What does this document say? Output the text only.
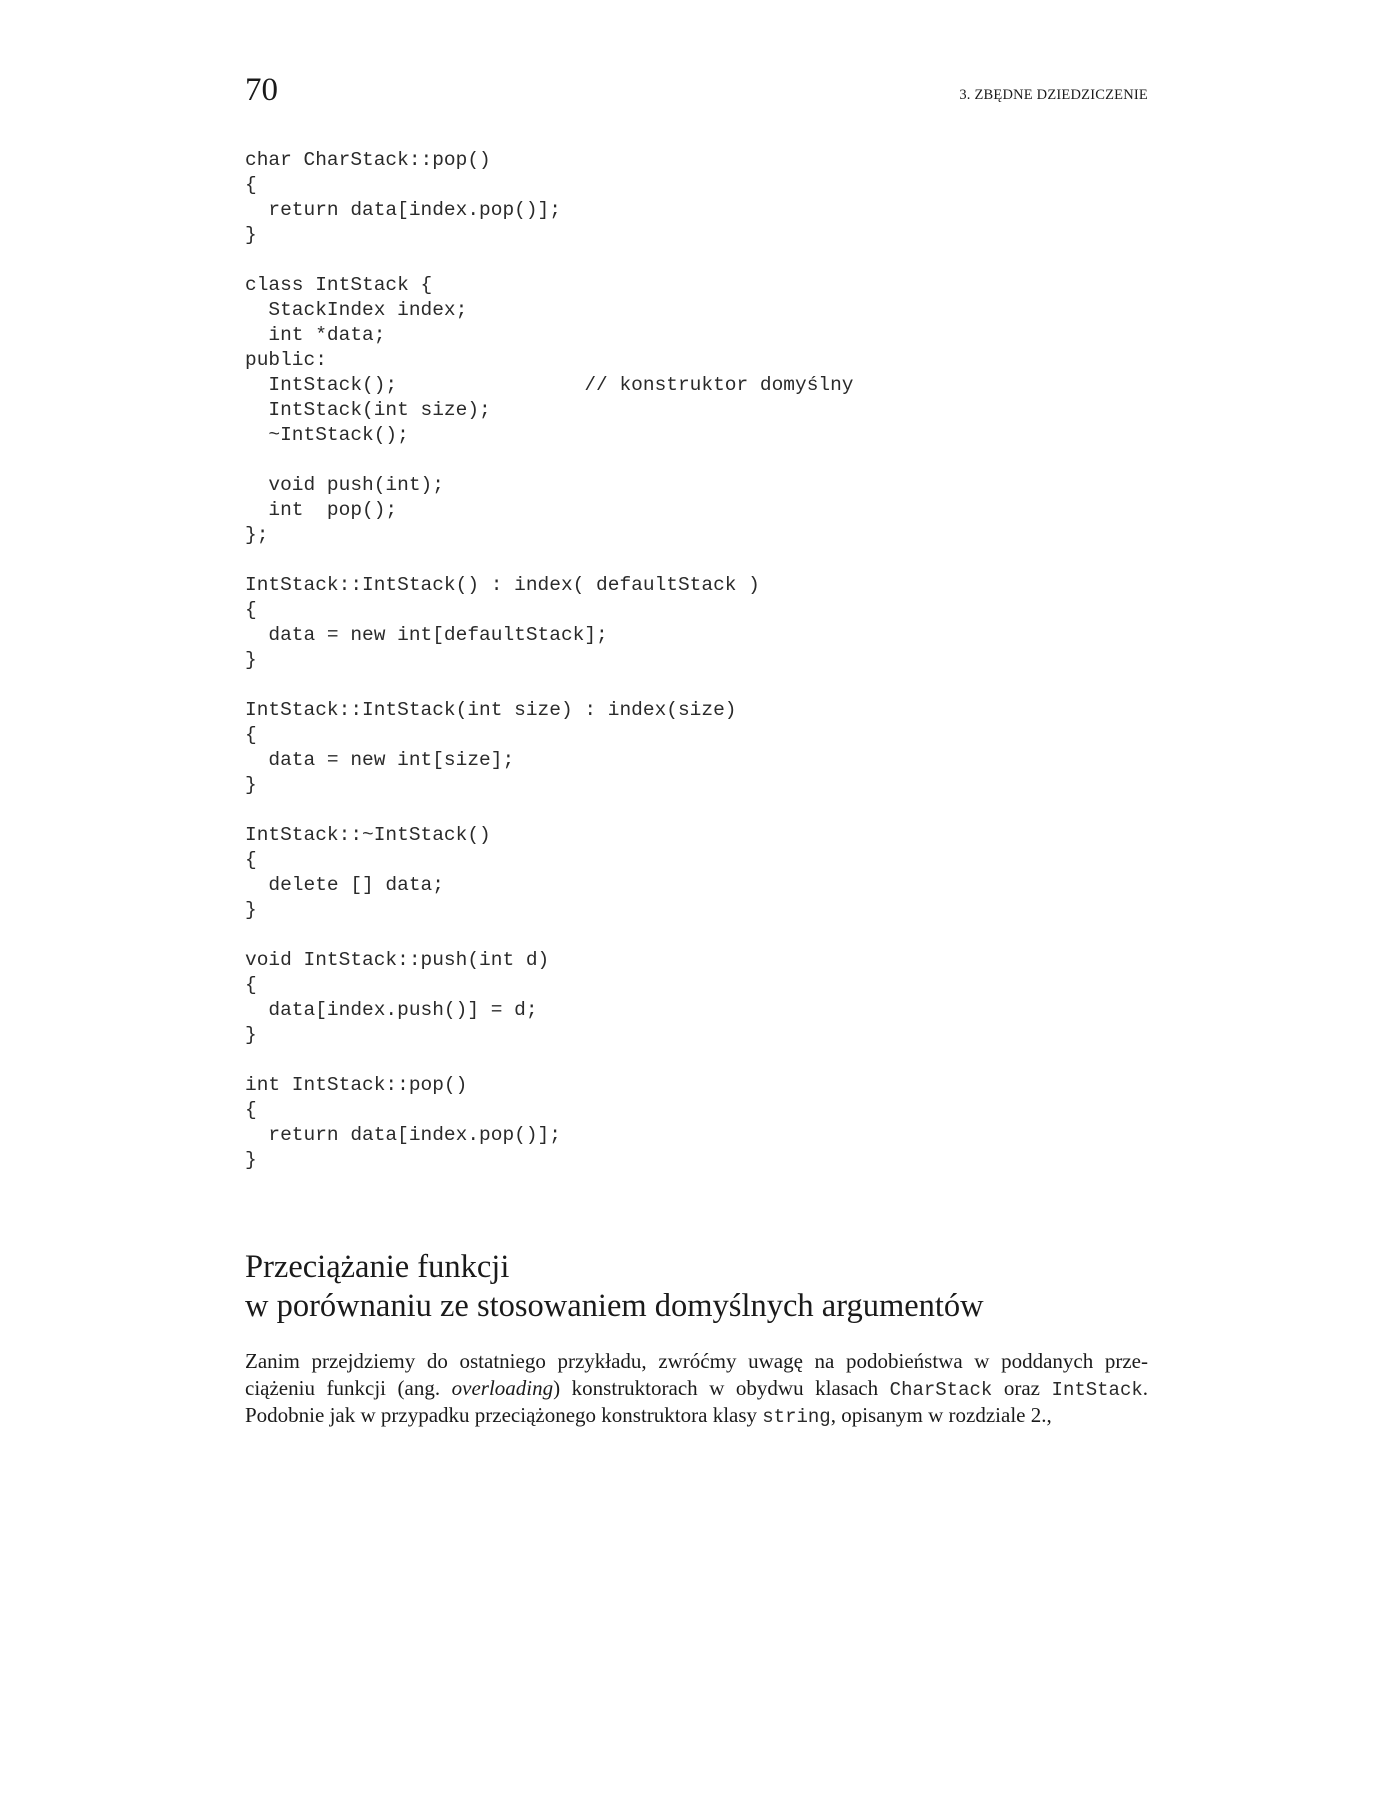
70	3. ZBĘDNE DZIEDZICZENIE
char CharStack::pop()
{
return data[index.pop()];
}
class IntStack {
StackIndex index;
int *data;
public:
IntStack();                // konstruktor domyślny
IntStack(int size);
~IntStack();
void push(int);
int  pop();
};
IntStack::IntStack() : index( defaultStack )
{
data = new int[defaultStack];
}
IntStack::IntStack(int size) : index(size)
{
data = new int[size];
}
IntStack::~IntStack()
{
delete [] data;
}
void IntStack::push(int d)
{
data[index.push()] = d;
}
int IntStack::pop()
{
return data[index.pop()];
}
Przeciążanie funkcji
w porównaniu ze stosowaniem domyślnych argumentów
Zanim przejdziemy do ostatniego przykładu, zwróćmy uwagę na podobieństwa w poddanych prze-
ciążeniu funkcji (ang. overloading) konstruktorach w obydwu klasach CharStack oraz IntStack.
Podobnie jak w przypadku przeciążonego konstruktora klasy string, opisanym w rozdziale 2.,
